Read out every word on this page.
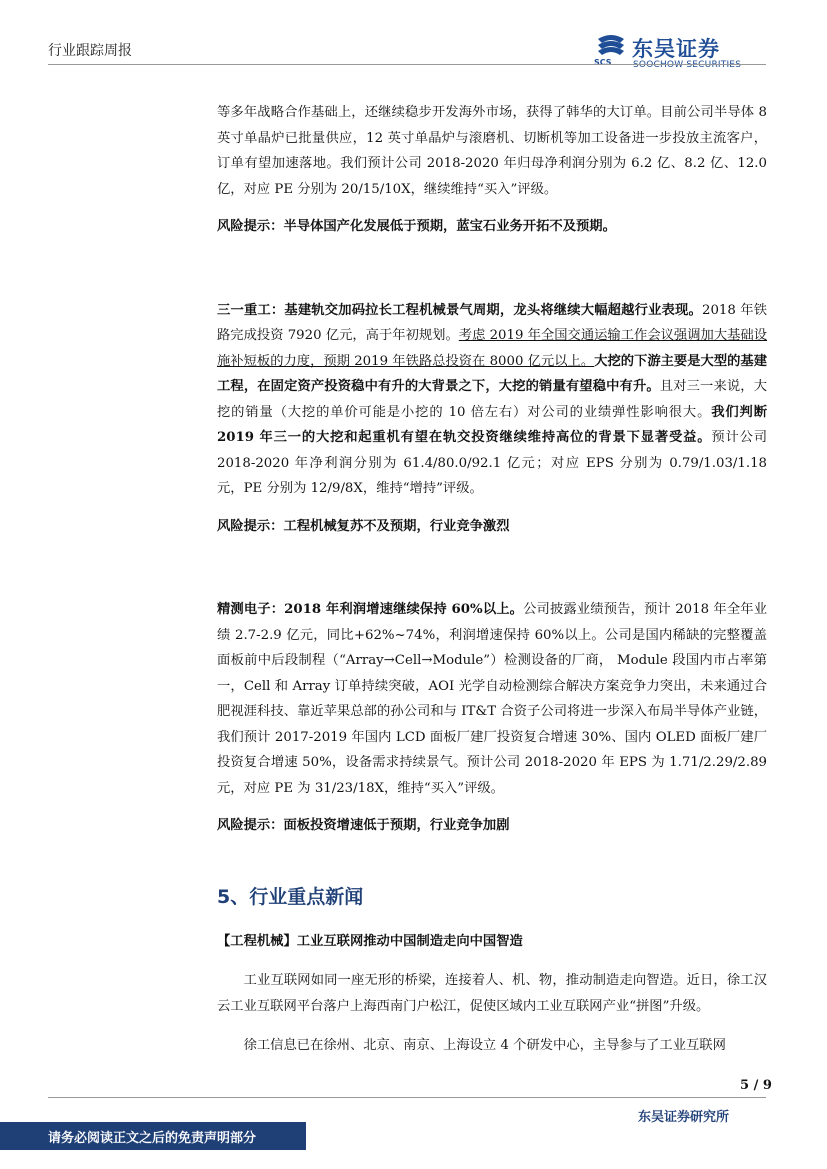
行业跟踪周报
SCS
东吴证券
SOOCHOW SECURITIES

等多年战略合作基础上，还继续稳步开发海外市场，获得了韩华的大订单。目前公司半导体 8 英寸单晶炉已批量供应，12 英寸单晶炉与滚磨机、切断机等加工设备进一步投放主流客户，订单有望加速落地。我们预计公司 2018-2020 年归母净利润分别为 6.2 亿、8.2 亿、12.0 亿，对应 PE 分别为 20/15/10X，继续维持“买入”评级。

风险提示：半导体国产化发展低于预期，蓝宝石业务开拓不及预期。

三一重工：基建轨交加码拉长工程机械景气周期，龙头将继续大幅超越行业表现。2018 年铁路完成投资 7920 亿元，高于年初规划。考虑 2019 年全国交通运输工作会议强调加大基础设施补短板的力度，预期 2019 年铁路总投资在 8000 亿元以上。大挖的下游主要是大型的基建工程，在固定资产投资稳中有升的大背景之下，大挖的销量有望稳中有升。且对三一来说，大挖的销量（大挖的单价可能是小挖的 10 倍左右）对公司的业绩弹性影响很大。我们判断 2019 年三一的大挖和起重机有望在轨交投资继续维持高位的背景下显著受益。预计公司 2018-2020 年净利润分别为 61.4/80.0/92.1 亿元；对应 EPS 分别为 0.79/1.03/1.18 元，PE 分别为 12/9/8X，维持“增持”评级。

风险提示：工程机械复苏不及预期，行业竞争激烈

精测电子：2018 年利润增速继续保持 60%以上。公司披露业绩预告，预计 2018 年全年业绩 2.7-2.9 亿元，同比+62%~74%，利润增速保持 60%以上。公司是国内稀缺的完整覆盖面板前中后段制程（“Array→Cell→Module”）检测设备的厂商， Module 段国内市占率第一，Cell 和 Array 订单持续突破，AOI 光学自动检测综合解决方案竞争力突出，未来通过合肥视涯科技、靠近苹果总部的孙公司和与 IT&T 合资子公司将进一步深入布局半导体产业链，我们预计 2017-2019 年国内 LCD 面板厂建厂投资复合增速 30%、国内 OLED 面板厂建厂投资复合增速 50%，设备需求持续景气。预计公司 2018-2020 年 EPS 为 1.71/2.29/2.89 元，对应 PE 为 31/23/18X，维持“买入”评级。

风险提示：面板投资增速低于预期，行业竞争加剧

5、行业重点新闻

【工程机械】工业互联网推动中国制造走向中国智造

工业互联网如同一座无形的桥梁，连接着人、机、物，推动制造走向智造。近日，徐工汉云工业互联网平台落户上海西南门户松江，促使区域内工业互联网产业“拼图”升级。

徐工信息已在徐州、北京、南京、上海设立 4 个研发中心，主导参与了工业互联网

5 / 9
东吴证券研究所
请务必阅读正文之后的免责声明部分
